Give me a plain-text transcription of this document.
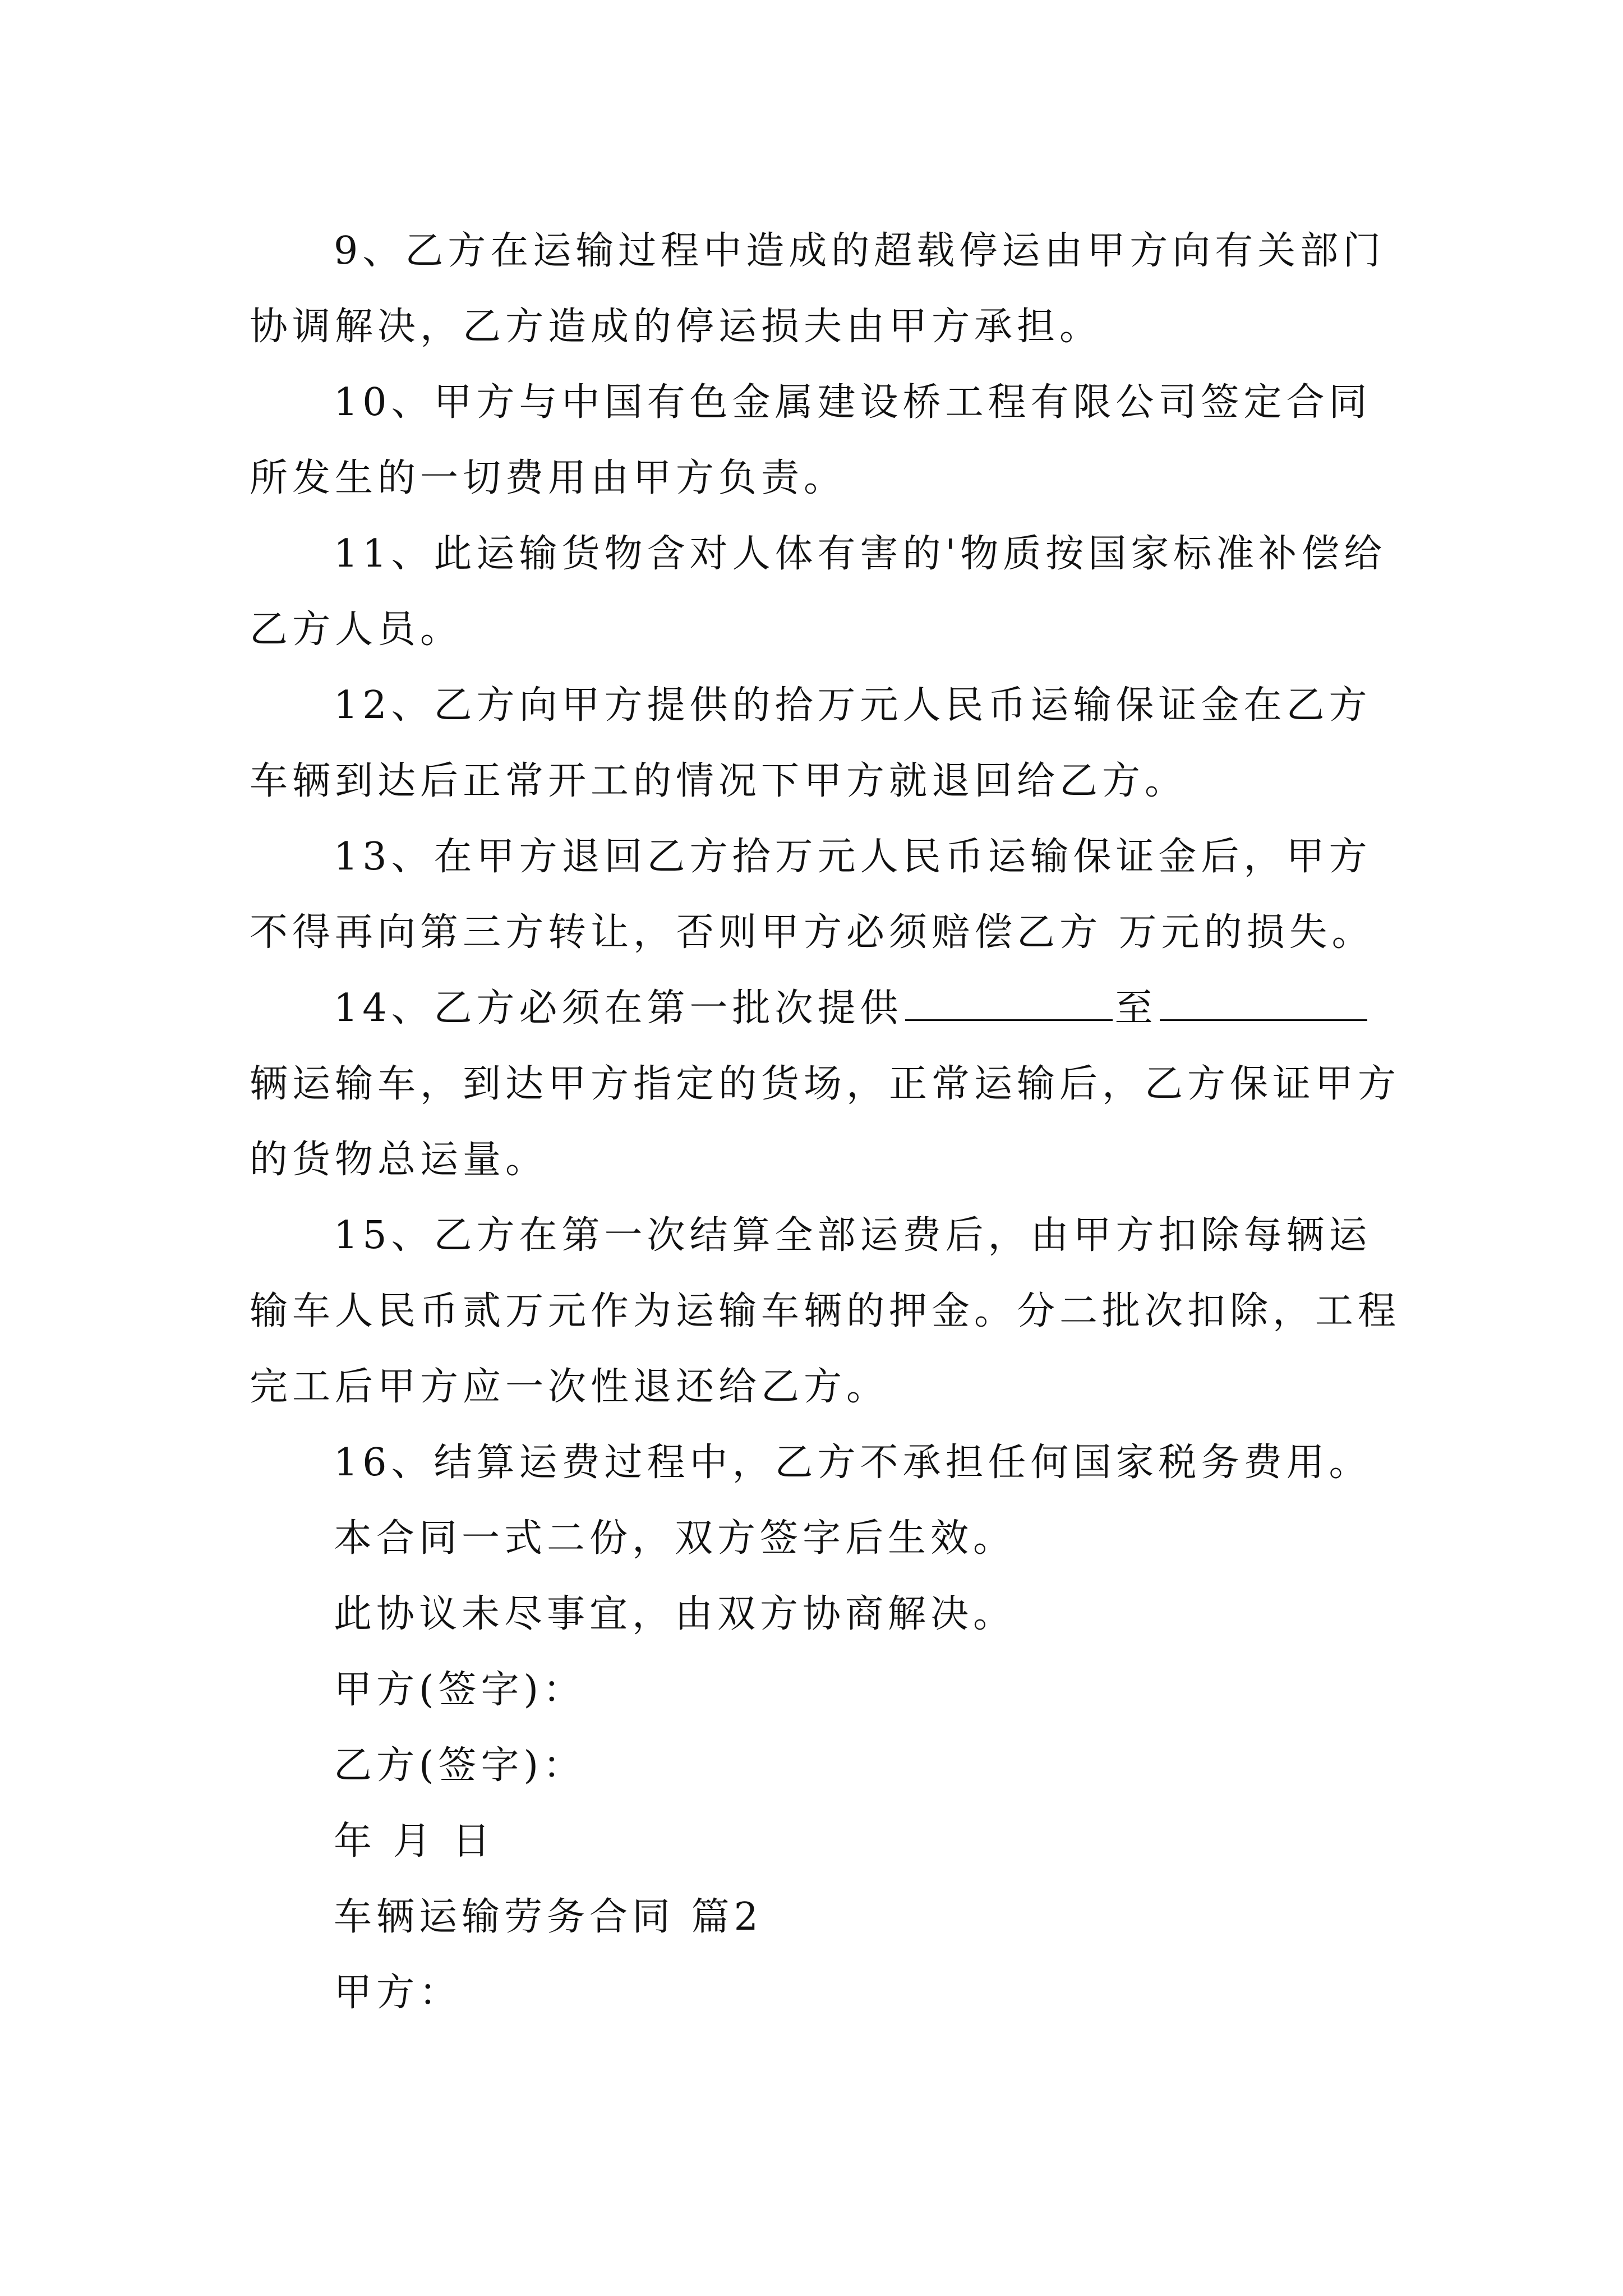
9、乙方在运输过程中造成的超载停运由甲方向有关部门协调解决，乙方造成的停运损夫由甲方承担。

10、甲方与中国有色金属建设桥工程有限公司签定合同所发生的一切费用由甲方负责。

11、此运输货物含对人体有害的'物质按国家标准补偿给乙方人员。

12、乙方向甲方提供的拾万元人民币运输保证金在乙方车辆到达后正常开工的情况下甲方就退回给乙方。

13、在甲方退回乙方拾万元人民币运输保证金后，甲方不得再向第三方转让，否则甲方必须赔偿乙方 万元的损失。

14、乙方必须在第一批次提供	至辆运输车，到达甲方指定的货场，正常运输后，乙方保证甲方的货物总运量。

15、乙方在第一次结算全部运费后，由甲方扣除每辆运输车人民币贰万元作为运输车辆的押金。分二批次扣除，工程完工后甲方应一次性退还给乙方。

16、结算运费过程中，乙方不承担任何国家税务费用。

本合同一式二份，双方签字后生效。

此协议未尽事宜，由双方协商解决。

甲方(签字)：

乙方(签字)：

年 月 日

车辆运输劳务合同 篇2

甲方：
